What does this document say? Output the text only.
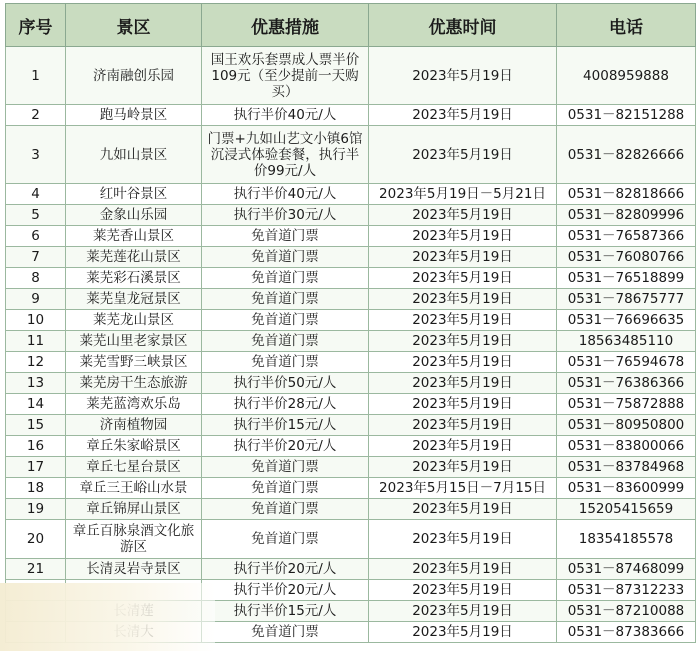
序号	景区	优惠措施	优惠时间	电话
1	济南融创乐园	国王欢乐套票成人票半价109元（至少提前一天购买）	2023年5月19日	4008959888
2	跑马岭景区	执行半价40元/人	2023年5月19日	0531－82151288
3	九如山景区	门票+九如山艺文小镇6馆沉浸式体验套餐，执行半价99元/人	2023年5月19日	0531－82826666
4	红叶谷景区	执行半价40元/人	2023年5月19日－5月21日	0531－82818666
5	金象山乐园	执行半价30元/人	2023年5月19日	0531－82809996
6	莱芜香山景区	免首道门票	2023年5月19日	0531－76587366
7	莱芜莲花山景区	免首道门票	2023年5月19日	0531－76080766
8	莱芜彩石溪景区	免首道门票	2023年5月19日	0531－76518899
9	莱芜皇龙冠景区	免首道门票	2023年5月19日	0531－78675777
10	莱芜龙山景区	免首道门票	2023年5月19日	0531－76696635
11	莱芜山里老家景区	免首道门票	2023年5月19日	18563485110
12	莱芜雪野三峡景区	免首道门票	2023年5月19日	0531－76594678
13	莱芜房干生态旅游	执行半价50元/人	2023年5月19日	0531－76386366
14	莱芜蓝湾欢乐岛	执行半价28元/人	2023年5月19日	0531－75872888
15	济南植物园	执行半价15元/人	2023年5月19日	0531－80950800
16	章丘朱家峪景区	执行半价20元/人	2023年5月19日	0531－83800066
17	章丘七星台景区	免首道门票	2023年5月19日	0531－83784968
18	章丘三王峪山水景	免首道门票	2023年5月15日－7月15日	0531－83600999
19	章丘锦屏山景区	免首道门票	2023年5月19日	15205415659
20	章丘百脉泉酒文化旅游区	免首道门票	2023年5月19日	18354185578
21	长清灵岩寺景区	执行半价20元/人	2023年5月19日	0531－87468099
		执行半价20元/人	2023年5月19日	0531－87312233
		执行半价15元/人	2023年5月19日	0531－87210088
		免首道门票	2023年5月19日	0531－87383666
